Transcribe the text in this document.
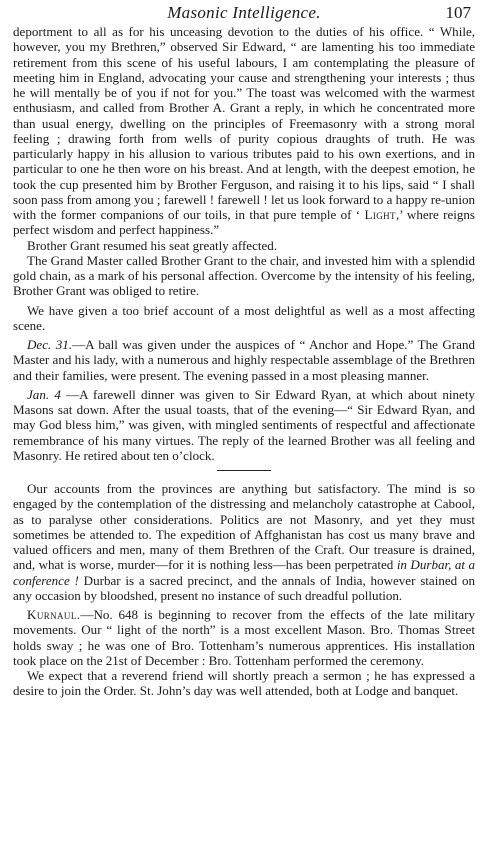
Masonic Intelligence.	107

deportment to all as for his unceasing devotion to the duties of his office. “ While, however, you my Brethren,” observed Sir Edward, “ are lamenting his too immediate retirement from this scene of his useful labours, I am contemplating the pleasure of meeting him in England, advocating your cause and strengthening your interests ; thus he will mentally be of you if not for you.” The toast was welcomed with the warmest enthusiasm, and called from Brother A. Grant a reply, in which he concentrated more than usual energy, dwelling on the principles of Freemasonry with a strong moral feeling ; drawing forth from wells of purity copious draughts of truth. He was particularly happy in his allusion to various tributes paid to his own exertions, and in particular to one he then wore on his breast. And at length, with the deepest emotion, he took the cup presented him by Brother Ferguson, and raising it to his lips, said “ I shall soon pass from among you ; farewell ! farewell ! let us look forward to a happy re-union with the former companions of our toils, in that pure temple of ‘ Light,’ where reigns perfect wisdom and perfect happiness.”

Brother Grant resumed his seat greatly affected.

The Grand Master called Brother Grant to the chair, and invested him with a splendid gold chain, as a mark of his personal affection. Overcome by the intensity of his feeling, Brother Grant was obliged to retire.

We have given a too brief account of a most delightful as well as a most affecting scene.

Dec. 31.—A ball was given under the auspices of “ Anchor and Hope.” The Grand Master and his lady, with a numerous and highly respectable assemblage of the Brethren and their families, were present. The evening passed in a most pleasing manner.

Jan. 4 —A farewell dinner was given to Sir Edward Ryan, at which about ninety Masons sat down. After the usual toasts, that of the evening—“ Sir Edward Ryan, and may God bless him,” was given, with mingled sentiments of respectful and affectionate remembrance of his many virtues. The reply of the learned Brother was all feeling and Masonry. He retired about ten o’clock.

Our accounts from the provinces are anything but satisfactory. The mind is so engaged by the contemplation of the distressing and melancholy catastrophe at Cabool, as to paralyse other considerations. Politics are not Masonry, and yet they must sometimes be attended to. The expedition of Affghanistan has cost us many brave and valued officers and men, many of them Brethren of the Craft. Our treasure is drained, and, what is worse, murder—for it is nothing less—has been perpetrated in Durbar, at a conference ! Durbar is a sacred precinct, and the annals of India, however stained on any occasion by bloodshed, present no instance of such dreadful pollution.

Kurnaul.—No. 648 is beginning to recover from the effects of the late military movements. Our “ light of the north” is a most excellent Mason. Bro. Thomas Street holds sway ; he was one of Bro. Tottenham’s numerous apprentices. His installation took place on the 21st of December : Bro. Tottenham performed the ceremony.

We expect that a reverend friend will shortly preach a sermon ; he has expressed a desire to join the Order. St. John’s day was well attended, both at Lodge and banquet.
